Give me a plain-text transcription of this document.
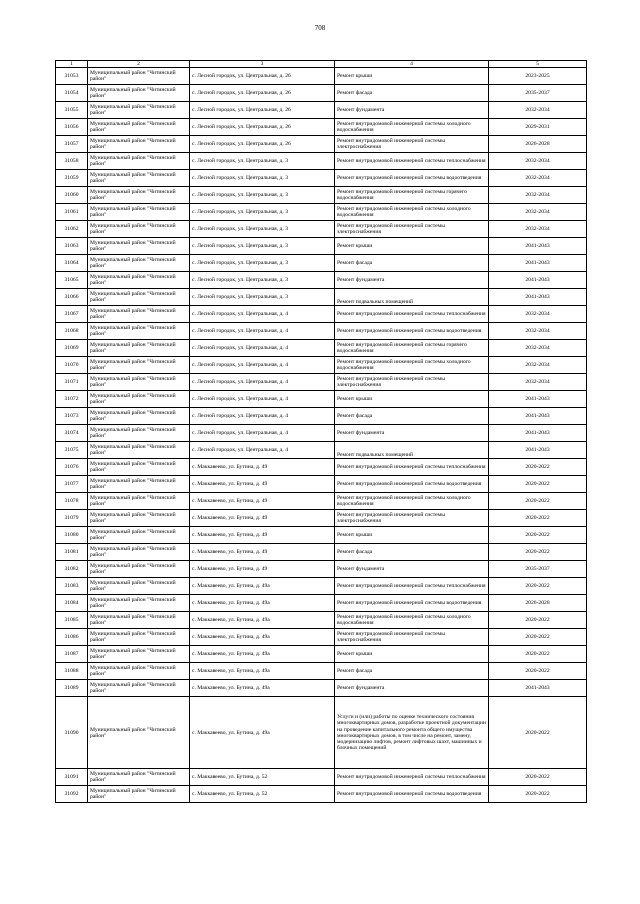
708
1	2	3	4	5
31053	Муниципальный район "Читинский район"	с. Лесной городок, ул. Центральная, д. 26	Ремонт крыши	2023-2025
31054	Муниципальный район "Читинский район"	с. Лесной городок, ул. Центральная, д. 26	Ремонт фасада	2035-2037
31055	Муниципальный район "Читинский район"	с. Лесной городок, ул. Центральная, д. 26	Ремонт фундамента	2032-2034
31056	Муниципальный район "Читинский район"	с. Лесной городок, ул. Центральная, д. 26	Ремонт внутридомовой инженерной системы холодного водоснабжения	2029-2031
31057	Муниципальный район "Читинский район"	с. Лесной городок, ул. Центральная, д. 26	Ремонт внутридомовой инженерной системы электроснабжения	2026-2028
31058	Муниципальный район "Читинский район"	с. Лесной городок, ул. Центральная, д. 3	Ремонт внутридомовой инженерной системы теплоснабжения	2032-2034
31059	Муниципальный район "Читинский район"	с. Лесной городок, ул. Центральная, д. 3	Ремонт внутридомовой инженерной системы водоотведения	2032-2034
31060	Муниципальный район "Читинский район"	с. Лесной городок, ул. Центральная, д. 3	Ремонт внутридомовой инженерной системы горячего водоснабжения	2032-2034
31061	Муниципальный район "Читинский район"	с. Лесной городок, ул. Центральная, д. 3	Ремонт внутридомовой инженерной системы холодного водоснабжения	2032-2034
31062	Муниципальный район "Читинский район"	с. Лесной городок, ул. Центральная, д. 3	Ремонт внутридомовой инженерной системы электроснабжения	2032-2034
31063	Муниципальный район "Читинский район"	с. Лесной городок, ул. Центральная, д. 3	Ремонт крыши	2041-2043
31064	Муниципальный район "Читинский район"	с. Лесной городок, ул. Центральная, д. 3	Ремонт фасада	2041-2043
31065	Муниципальный район "Читинский район"	с. Лесной городок, ул. Центральная, д. 3	Ремонт фундамента	2041-2043
31066	Муниципальный район "Читинский район"	с. Лесной городок, ул. Центральная, д. 3	Ремонт подвальных помещений	2041-2043
31067	Муниципальный район "Читинский район"	с. Лесной городок, ул. Центральная, д. 4	Ремонт внутридомовой инженерной системы теплоснабжения	2032-2034
31068	Муниципальный район "Читинский район"	с. Лесной городок, ул. Центральная, д. 4	Ремонт внутридомовой инженерной системы водоотведения	2032-2034
31069	Муниципальный район "Читинский район"	с. Лесной городок, ул. Центральная, д. 4	Ремонт внутридомовой инженерной системы горячего водоснабжения	2032-2034
31070	Муниципальный район "Читинский район"	с. Лесной городок, ул. Центральная, д. 4	Ремонт внутридомовой инженерной системы холодного водоснабжения	2032-2034
31071	Муниципальный район "Читинский район"	с. Лесной городок, ул. Центральная, д. 4	Ремонт внутридомовой инженерной системы электроснабжения	2032-2034
31072	Муниципальный район "Читинский район"	с. Лесной городок, ул. Центральная, д. 4	Ремонт крыши	2041-2043
31073	Муниципальный район "Читинский район"	с. Лесной городок, ул. Центральная, д. 4	Ремонт фасада	2041-2043
31074	Муниципальный район "Читинский район"	с. Лесной городок, ул. Центральная, д. 4	Ремонт фундамента	2041-2043
31075	Муниципальный район "Читинский район"	с. Лесной городок, ул. Центральная, д. 4	Ремонт подвальных помещений	2041-2043
31076	Муниципальный район "Читинский район"	с. Маккавеево, ул. Бутина, д. 49	Ремонт внутридомовой инженерной системы теплоснабжения	2020-2022
31077	Муниципальный район "Читинский район"	с. Маккавеево, ул. Бутина, д. 49	Ремонт внутридомовой инженерной системы водоотведения	2020-2022
31078	Муниципальный район "Читинский район"	с. Маккавеево, ул. Бутина, д. 49	Ремонт внутридомовой инженерной системы холодного водоснабжения	2020-2022
31079	Муниципальный район "Читинский район"	с. Маккавеево, ул. Бутина, д. 49	Ремонт внутридомовой инженерной системы электроснабжения	2020-2022
31080	Муниципальный район "Читинский район"	с. Маккавеево, ул. Бутина, д. 49	Ремонт крыши	2020-2022
31081	Муниципальный район "Читинский район"	с. Маккавеево, ул. Бутина, д. 49	Ремонт фасада	2020-2022
31082	Муниципальный район "Читинский район"	с. Маккавеево, ул. Бутина, д. 49	Ремонт фундамента	2035-2037
31083	Муниципальный район "Читинский район"	с. Маккавеево, ул. Бутина, д. 49а	Ремонт внутридомовой инженерной системы теплоснабжения	2020-2022
31084	Муниципальный район "Читинский район"	с. Маккавеево, ул. Бутина, д. 49а	Ремонт внутридомовой инженерной системы водоотведения	2026-2028
31085	Муниципальный район "Читинский район"	с. Маккавеево, ул. Бутина, д. 49а	Ремонт внутридомовой инженерной системы холодного водоснабжения	2020-2022
31086	Муниципальный район "Читинский район"	с. Маккавеево, ул. Бутина, д. 49а	Ремонт внутридомовой инженерной системы электроснабжения	2020-2022
31087	Муниципальный район "Читинский район"	с. Маккавеево, ул. Бутина, д. 49а	Ремонт крыши	2020-2022
31088	Муниципальный район "Читинский район"	с. Маккавеево, ул. Бутина, д. 49а	Ремонт фасада	2020-2022
31089	Муниципальный район "Читинский район"	с. Маккавеево, ул. Бутина, д. 49а	Ремонт фундамента	2041-2043
31090	Муниципальный район "Читинский район"	с. Маккавеево, ул. Бутина, д. 49а	Услуги и (или) работы по оценке технического состояния многоквартирных домов, разработке проектной документации на проведение капитального ремонта общего имущества многоквартирных домов, в том числе на ремонт, замену, модернизацию лифтов, ремонт лифтовых шахт, машинных и блочных помещений	2020-2022
31091	Муниципальный район "Читинский район"	с. Маккавеево, ул. Бутина, д. 52	Ремонт внутридомовой инженерной системы теплоснабжения	2020-2022
31092	Муниципальный район "Читинский район"	с. Маккавеево, ул. Бутина, д. 52	Ремонт внутридомовой инженерной системы водоотведения	2020-2022
